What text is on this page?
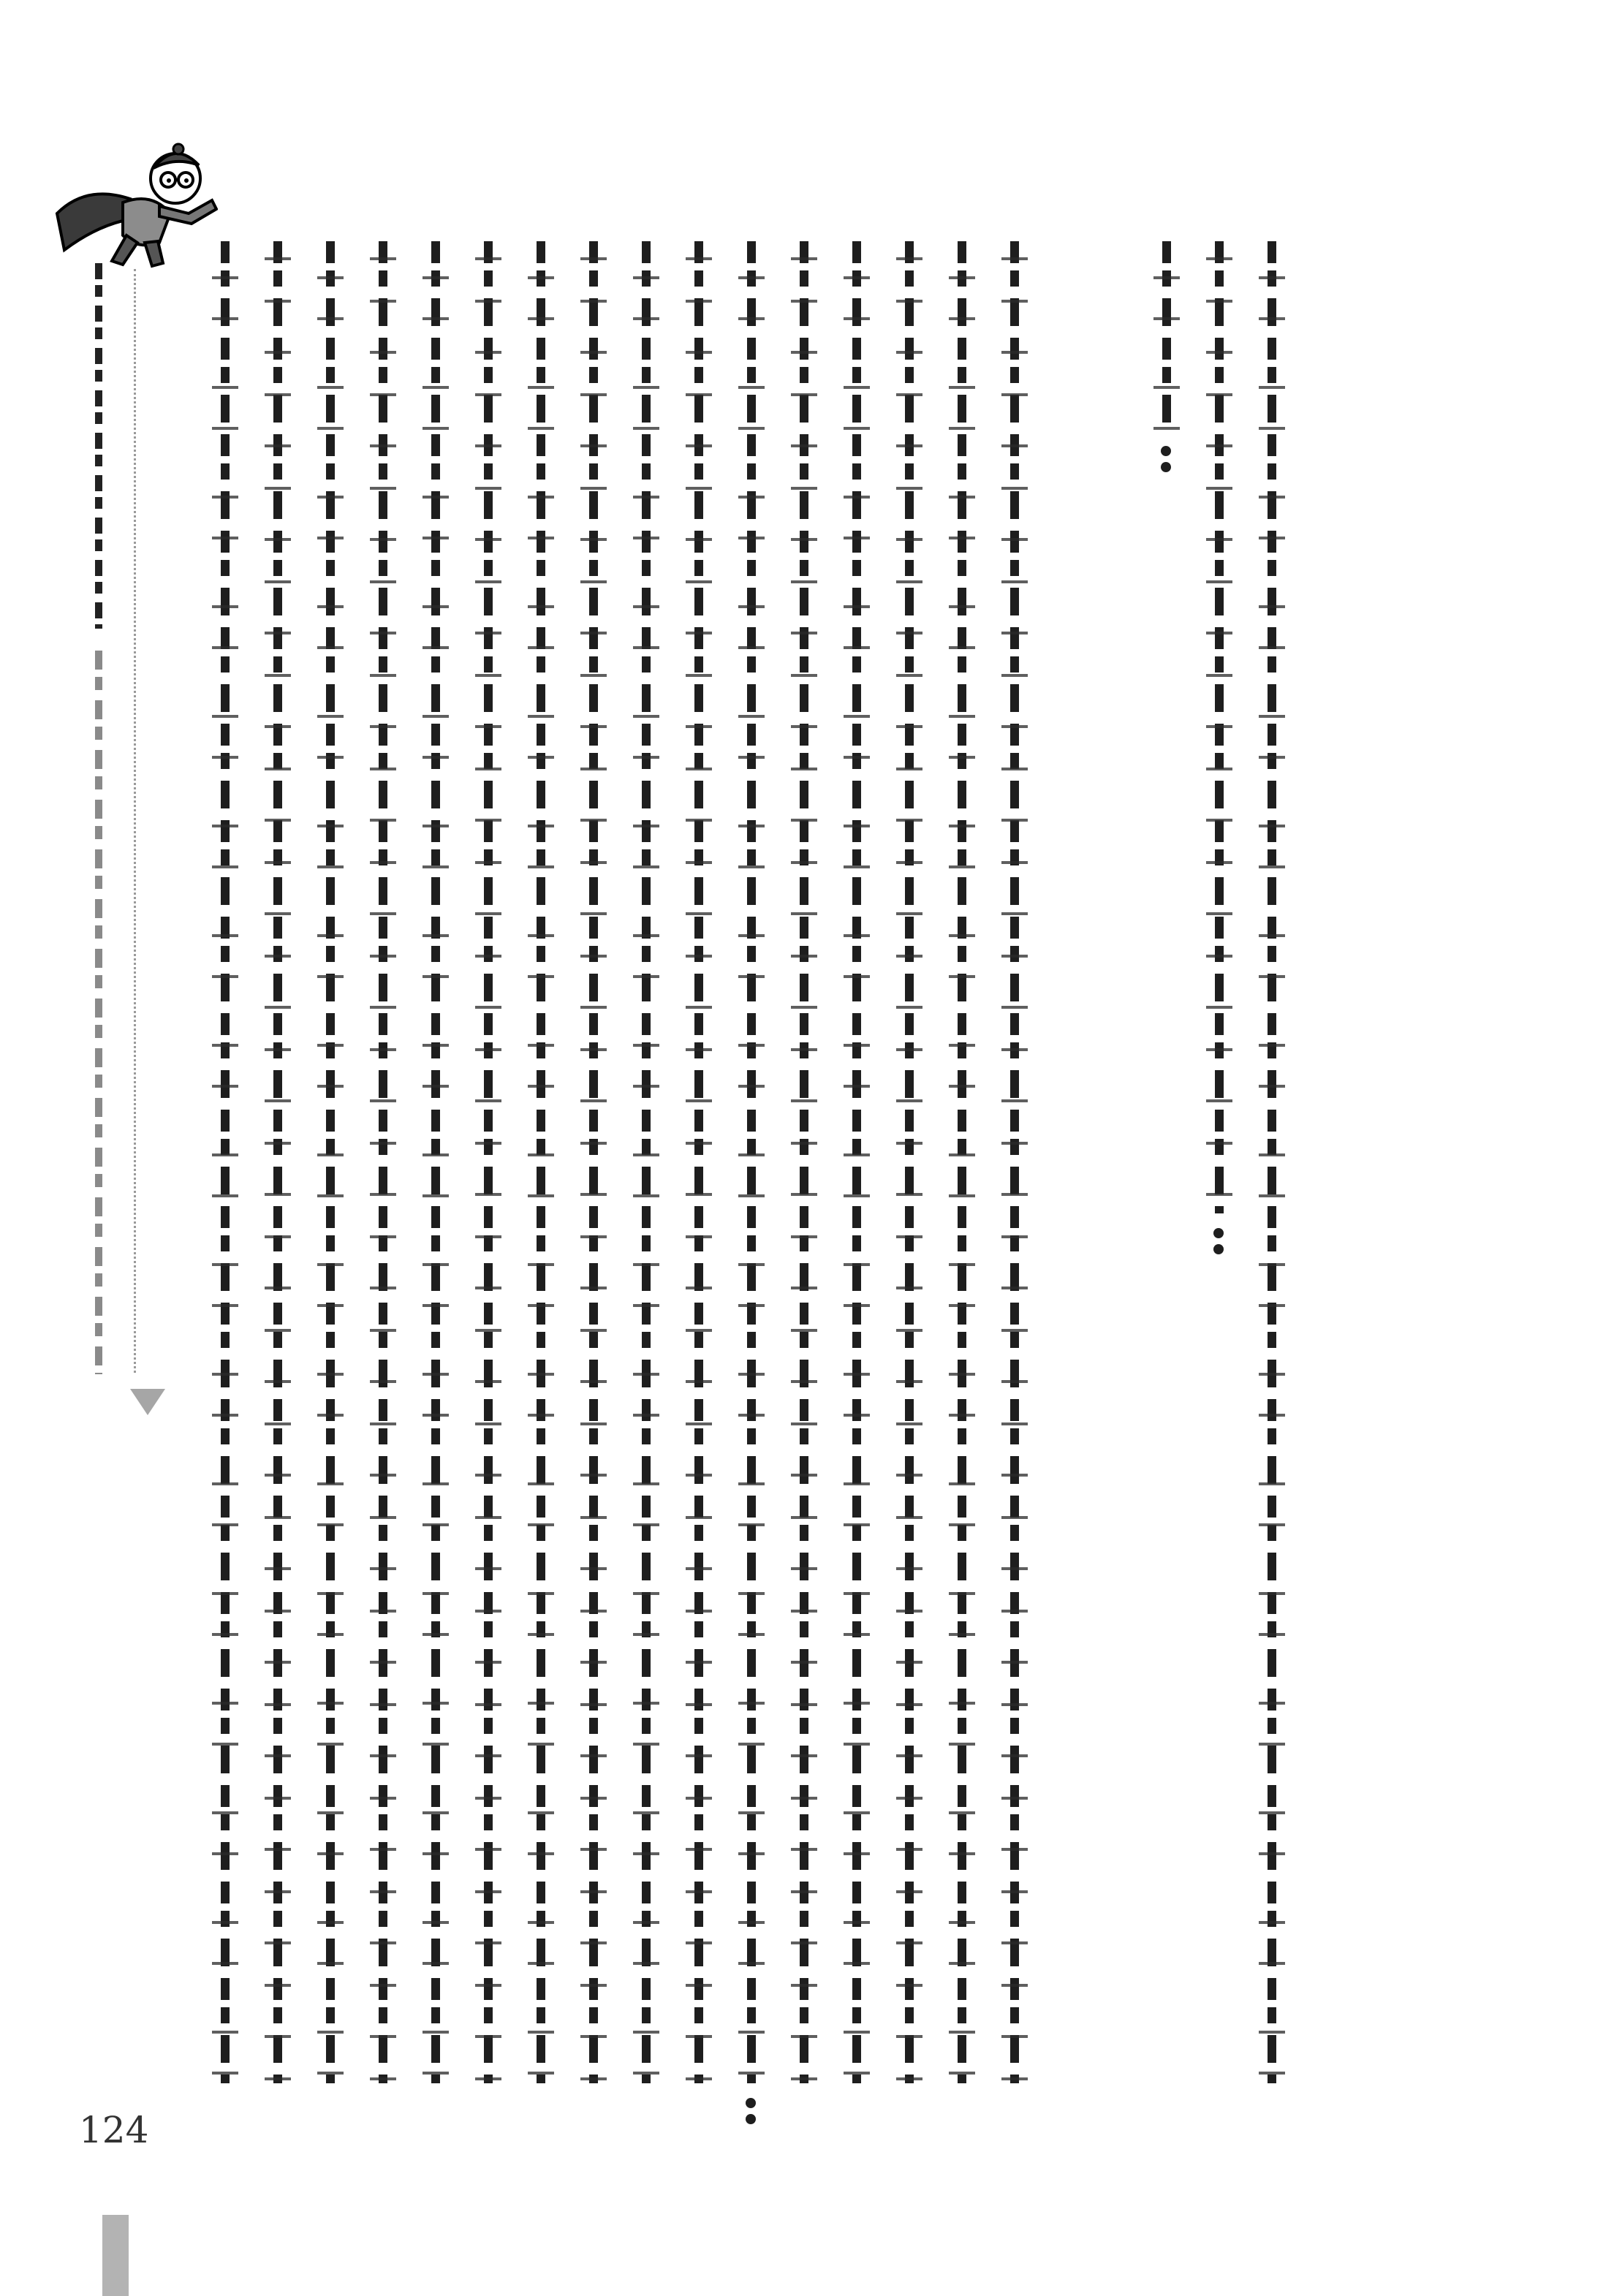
124
